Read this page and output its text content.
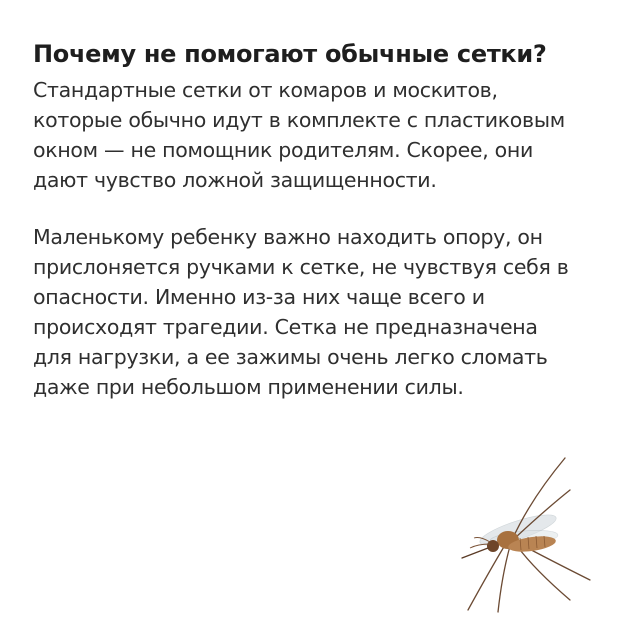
Почему не помогают обычные сетки?

Стандартные сетки от комаров и москитов,
которые обычно идут в комплекте с пластиковым
окном — не помощник родителям. Скорее, они
дают чувство ложной защищенности.

Маленькому ребенку важно находить опору, он
прислоняется ручками к сетке, не чувствуя себя в
опасности. Именно из-за них чаще всего и
происходят трагедии. Сетка не предназначена
для нагрузки, а ее зажимы очень легко сломать
даже при небольшом применении силы.
